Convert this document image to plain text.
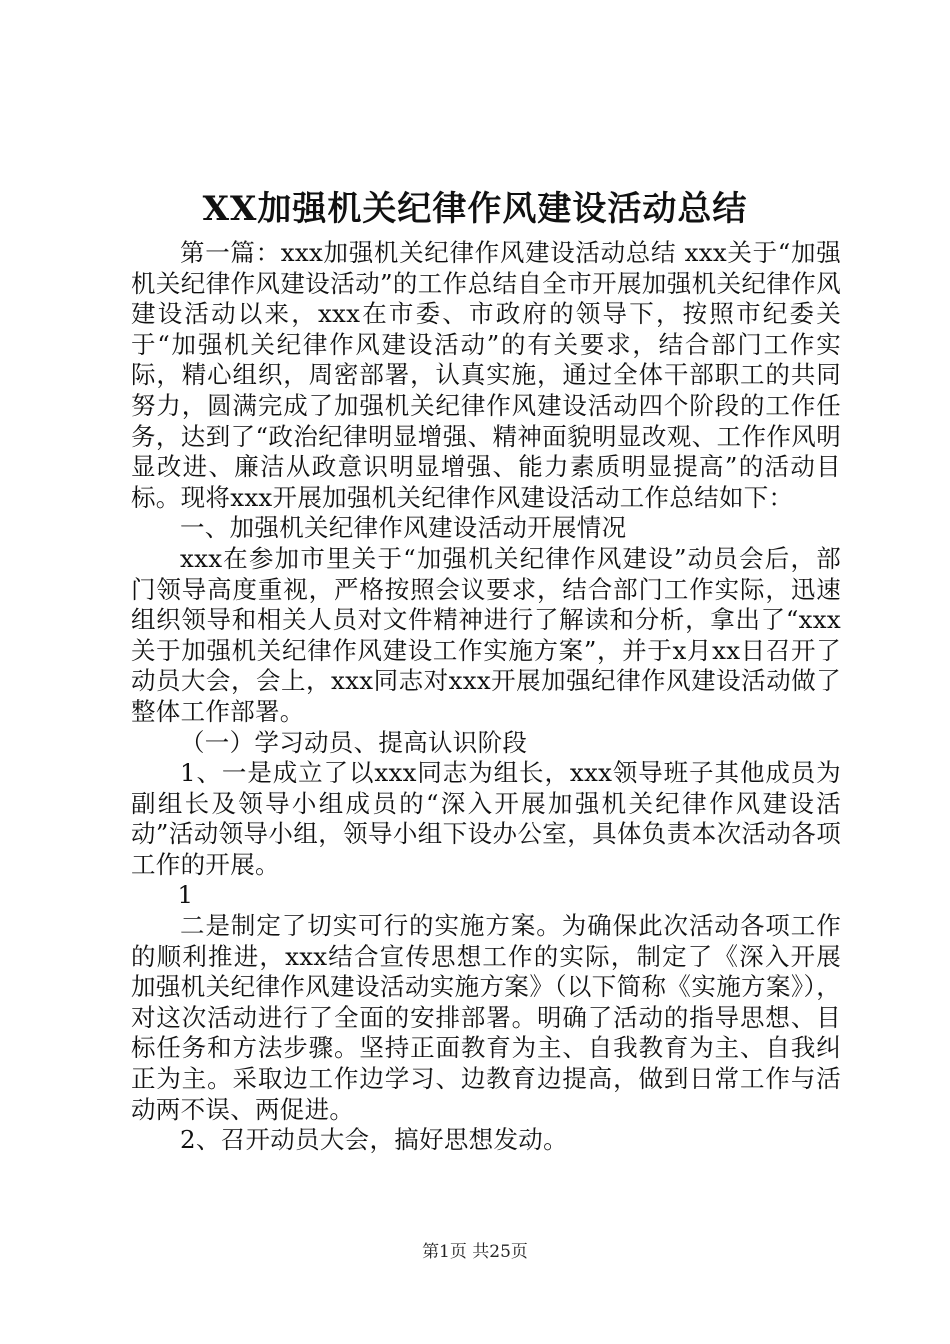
XX加强机关纪律作风建设活动总结

第一篇：xxx加强机关纪律作风建设活动总结 xxx关于“加强机关纪律作风建设活动”的工作总结自全市开展加强机关纪律作风建设活动以来，xxx在市委、市政府的领导下，按照市纪委关于“加强机关纪律作风建设活动”的有关要求，结合部门工作实际，精心组织，周密部署，认真实施，通过全体干部职工的共同努力，圆满完成了加强机关纪律作风建设活动四个阶段的工作任务，达到了“政治纪律明显增强、精神面貌明显改观、工作作风明显改进、廉洁从政意识明显增强、能力素质明显提高”的活动目标。现将xxx开展加强机关纪律作风建设活动工作总结如下：

一、加强机关纪律作风建设活动开展情况

xxx在参加市里关于“加强机关纪律作风建设”动员会后，部门领导高度重视，严格按照会议要求，结合部门工作实际，迅速组织领导和相关人员对文件精神进行了解读和分析，拿出了“xxx关于加强机关纪律作风建设工作实施方案”，并于x月xx日召开了动员大会，会上，xxx同志对xxx开展加强纪律作风建设活动做了整体工作部署。

（一）学习动员、提高认识阶段

1、一是成立了以xxx同志为组长，xxx领导班子其他成员为副组长及领导小组成员的“深入开展加强机关纪律作风建设活动”活动领导小组，领导小组下设办公室，具体负责本次活动各项工作的开展。

1

二是制定了切实可行的实施方案。为确保此次活动各项工作的顺利推进，xxx结合宣传思想工作的实际，制定了《深入开展加强机关纪律作风建设活动实施方案》（以下简称《实施方案》），对这次活动进行了全面的安排部署。明确了活动的指导思想、目标任务和方法步骤。坚持正面教育为主、自我教育为主、自我纠正为主。采取边工作边学习、边教育边提高，做到日常工作与活动两不误、两促进。

2、召开动员大会，搞好思想发动。

第1页 共25页
